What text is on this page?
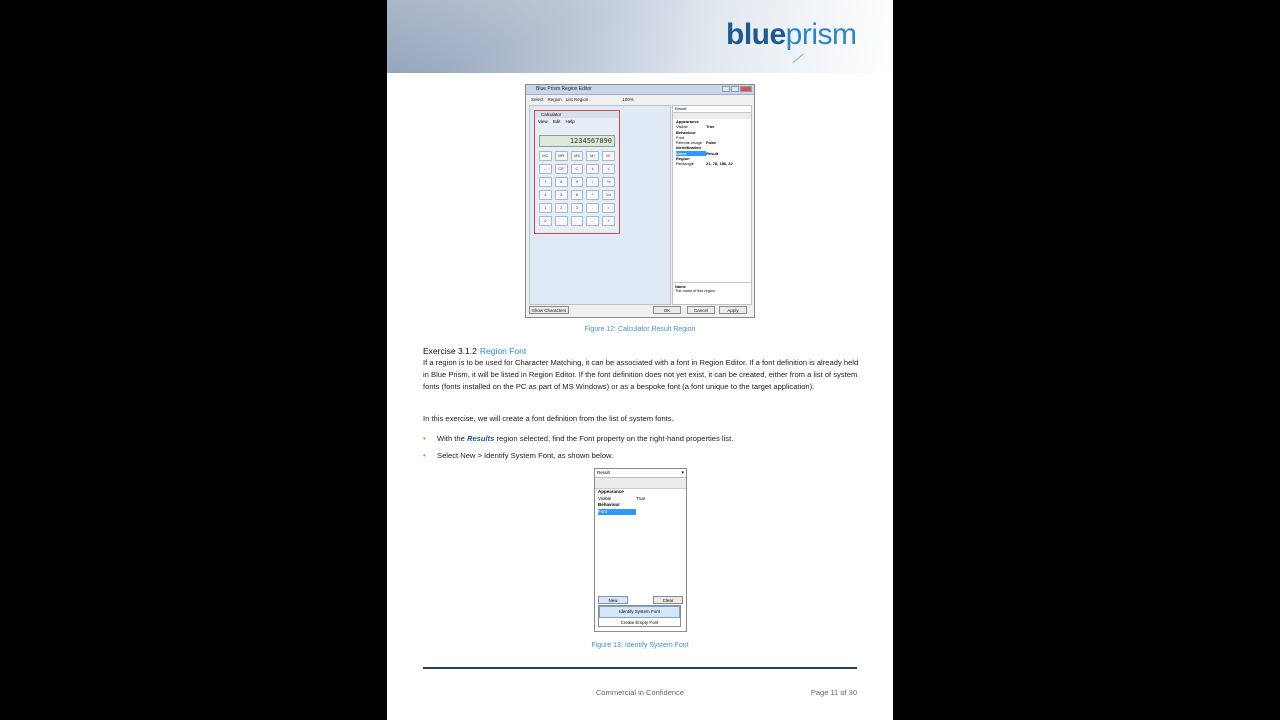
blueprism
Blue Prism Region Editor
Select Region List Region	100%
Calculator
View Edit Help
1234567890
MC	MR	MS	M+	M-
←	CE	C	±	√
7	8	9	/	%
4	5	6	*	1/x
1	2	3	-	=
0	.	+
Result
Appearance
Visible	True
Behaviour
Font
Remote image False
Identification
Name	Result
Region
Rectangle	21, 78, 186, 22
Name
The name of this region
Show Characters	OK	Cancel	Apply
Figure 12: Calculator Result Region
Exercise 3.1.2 Region Font
If a region is to be used for Character Matching, it can be associated with a font in Region Editor. If a font definition is already held in Blue Prism, it will be listed in Region Editor. If the font definition does not yet exist, it can be created, either from a list of system fonts (fonts installed on the PC as part of MS Windows) or as a bespoke font (a font unique to the target application).
In this exercise, we will create a font definition from the list of system fonts.
• With the Results region selected, find the Font property on the right-hand properties list.
• Select New > Identify System Font, as shown below.
Result ▾
Appearance
Visible	True
Behaviour
Font
New	Clear
Identify System Font
Create Empty Font
Figure 13: Identify System Font
Commercial in Confidence	Page 11 of 30
